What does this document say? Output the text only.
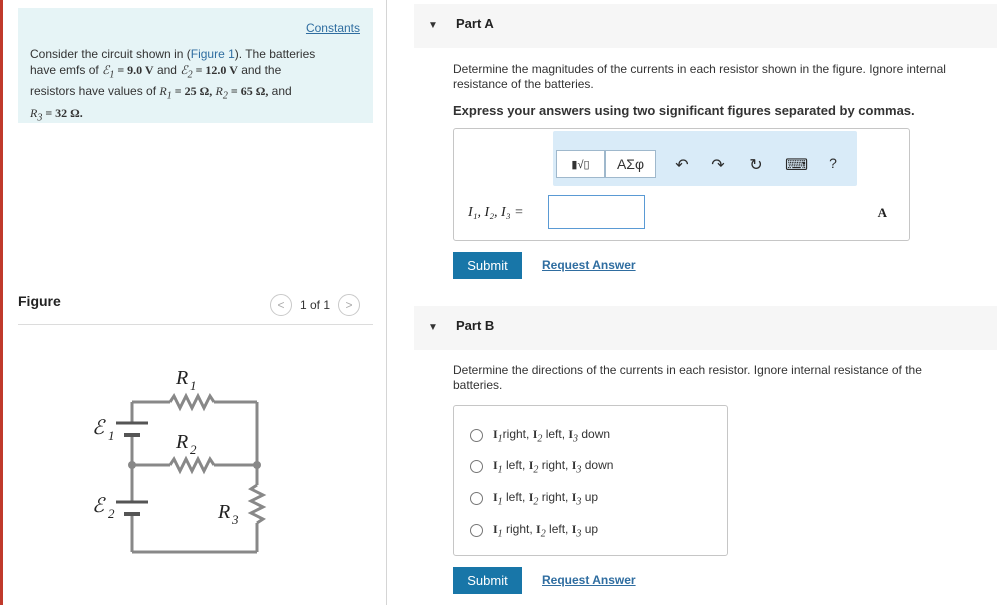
Constants
Consider the circuit shown in (Figure 1). The batteries
have emfs of ℰ$_1$ = 9.0 V and ℰ$_2$ = 12.0 V and the
resistors have values of $R_1 = 25$ Ω, $R_2 = 65$ Ω, and
$R_3 = 32$ Ω.
Figure	< 1 of 1 >
R 1
R 2
R 3
ℰ 1
ℰ 2
▼ Part A
Determine the magnitudes of the currents in each resistor shown in the figure. Ignore internal resistance of the batteries.
Express your answers using two significant figures separated by commas.
▮√▯	ΑΣφ	↶ ↷ ↻ ⌨	?
I₁, I₂, I₃ =	A
Submit	Request Answer
▼ Part B
Determine the directions of the currents in each resistor. Ignore internal resistance of the batteries.
$I_1right$, $I_2$ left, $I_3$ down
$I_1$ left, $I_2$ right, $I_3$ down
$I_1$ left, $I_2$ right, $I_3$ up
$I_1$ right, $I_2$ left, $I_3$ up
Submit	Request Answer
